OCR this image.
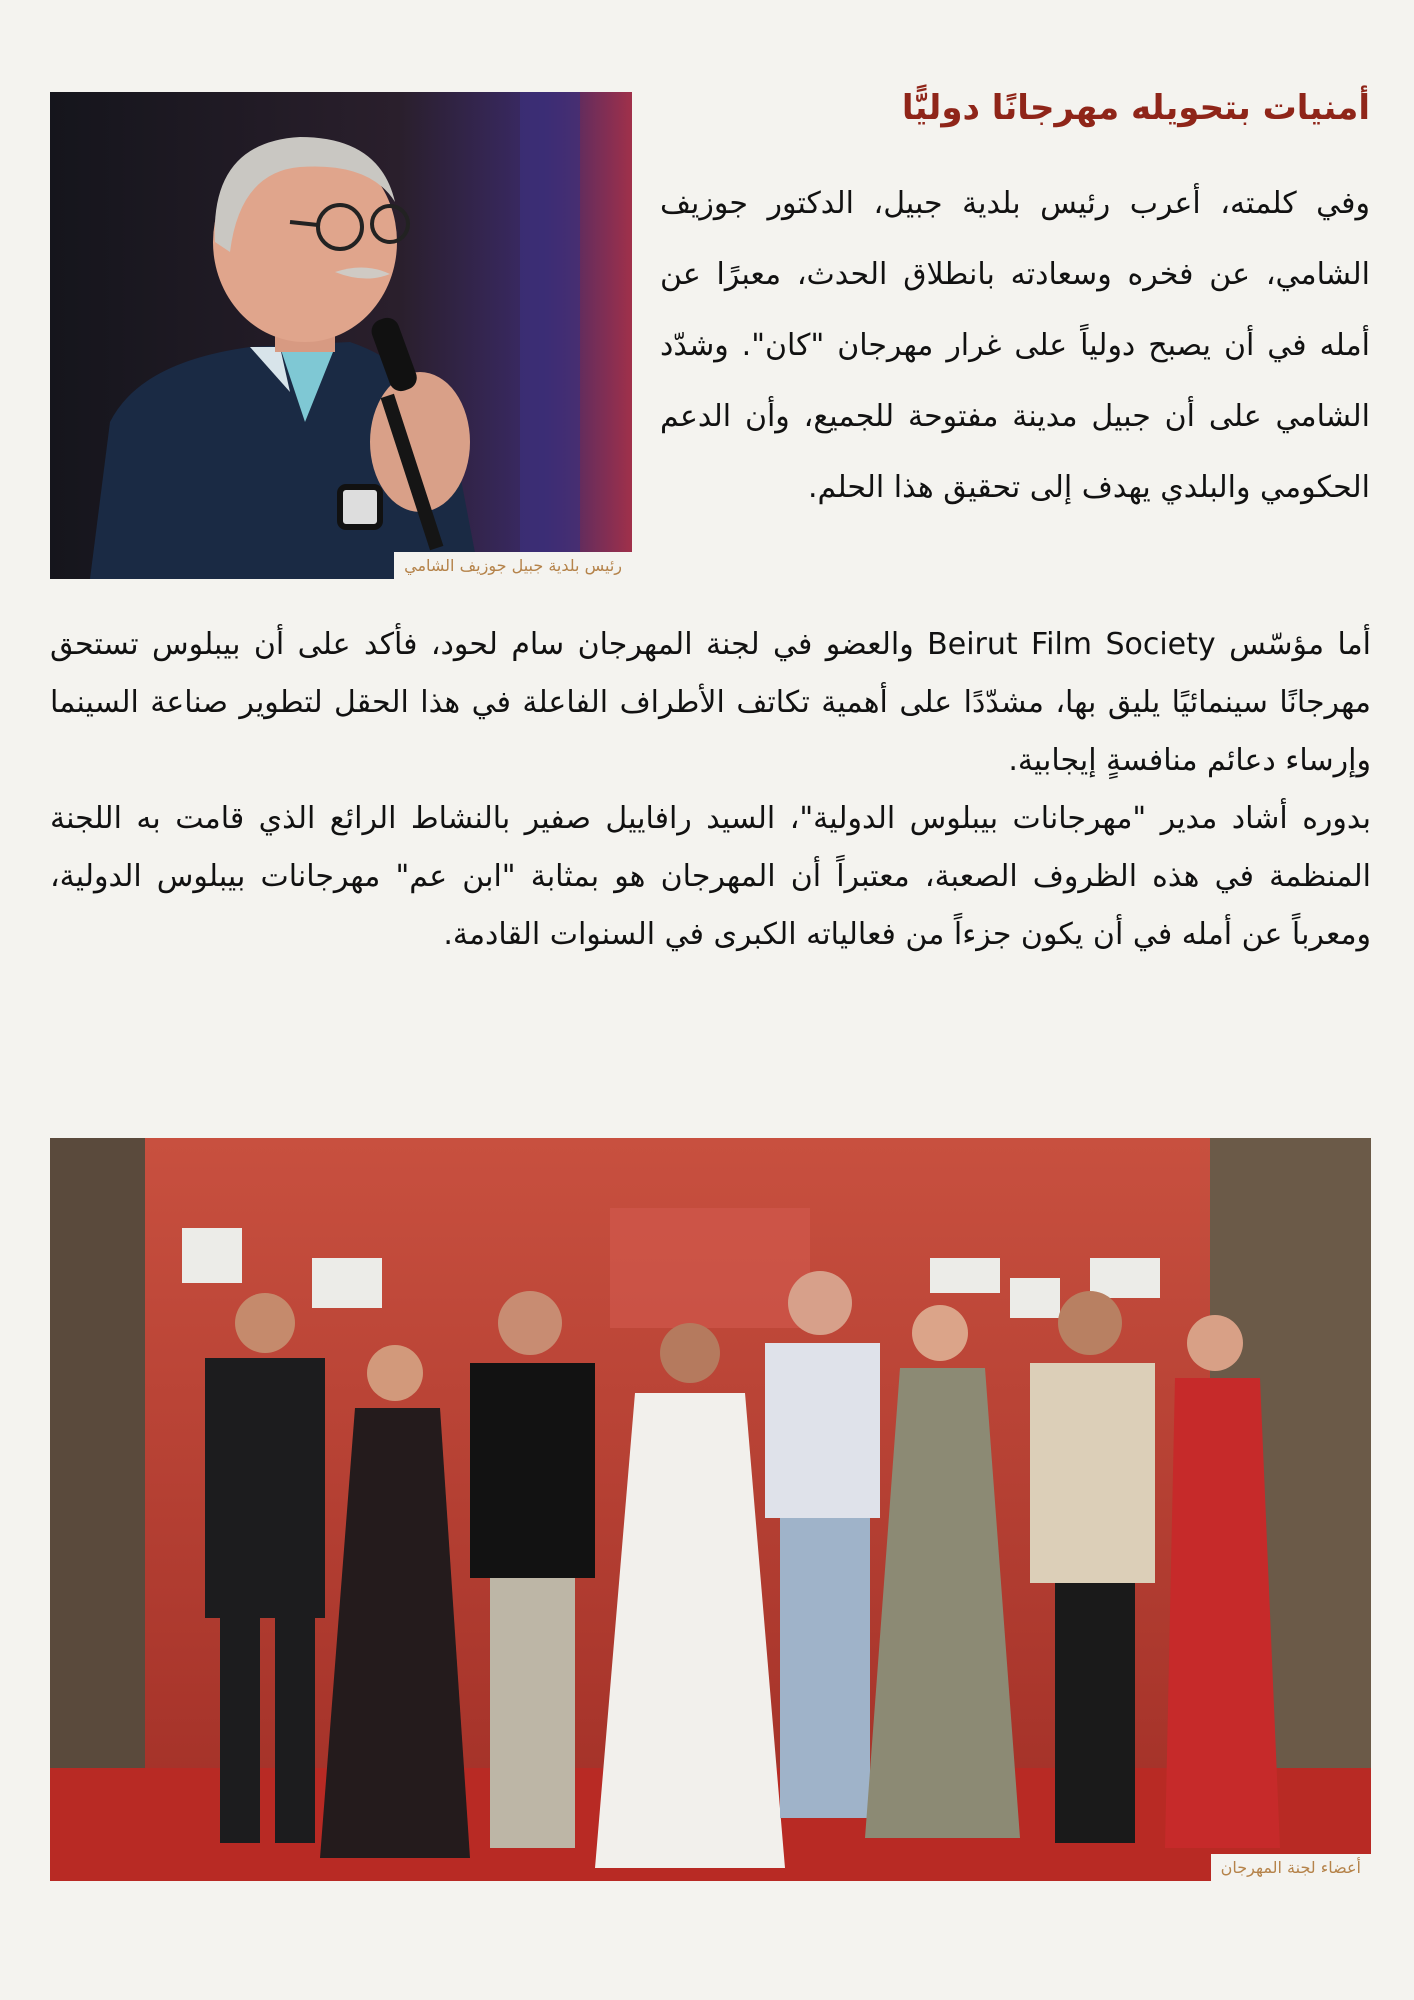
رئيس بلدية جبيل جوزيف الشامي
أمنيات بتحويله مهرجانًا دوليًّا

وفي كلمته، أعرب رئيس بلدية جبيل، الدكتور جوزيف الشامي، عن فخره وسعادته بانطلاق الحدث، معبرًا عن أمله في أن يصبح دولياً على غرار مهرجان "كان". وشدّد الشامي على أن جبيل مدينة مفتوحة للجميع، وأن الدعم الحكومي والبلدي يهدف إلى تحقيق هذا الحلم.

أما مؤسّس Beirut Film Society والعضو في لجنة المهرجان سام لحود، فأكد على أن بيبلوس تستحق مهرجانًا سينمائيًا يليق بها، مشدّدًا على أهمية تكاتف الأطراف الفاعلة في هذا الحقل لتطوير صناعة السينما وإرساء دعائم منافسةٍ إيجابية.

بدوره أشاد مدير "مهرجانات بيبلوس الدولية"، السيد رافاييل صفير بالنشاط الرائع الذي قامت به اللجنة المنظمة في هذه الظروف الصعبة، معتبراً أن المهرجان هو بمثابة "ابن عم" مهرجانات بيبلوس الدولية، ومعرباً عن أمله في أن يكون جزءاً من فعالياته الكبرى في السنوات القادمة.

أعضاء لجنة المهرجان
